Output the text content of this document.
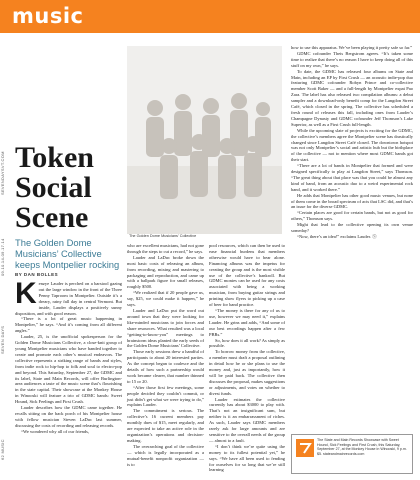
music
SEVENDAYSVT.COM
09.10.14-09.17.14
SEVEN DAYS
62 MUSIC
Token
Social
Scene
The Golden Dome Musicians’ Collective keeps Montpelier rocking
BY DAN BOLLES
The Golden Dome Musicians’ Collective
K enzye Lauder is perched on a barstool gazing out the large window in the front of the Three Penny Taproom in Montpelier. Outside it’s a dreary, rainy fall day in central Vermont. But inside, Lauder displays a positively sunny disposition, and with good reason.

“There is a lot of great music happening in Montpelier,” he says. “And it’s coming from all different angles.”

Lauder, 25, is the unofficial spokesperson for the Golden Dome Musicians Collective, a close-knit group of young Montpelier musicians who have banded together to create and promote each other’s musical endeavors. The collective represents a striking range of bands and styles, from indie rock to hip-hop to folk and soul to electro-pop and beyond. This Saturday, September 27, the GDMC and its label, State and Main Records, will offer Burlington-area audiences a taste of the music scene that’s flourishing in the state capital. Their showcase at the Monkey House in Winooski will feature a trio of GDMC bands: Sweet Hound, Sick Feelings and First Crush.

Lauder describes how the GDMC came together. He recalls sitting on the back porch of his Montpelier house with fellow musician Steven LaDuc last summer, discussing the costs of recording and releasing records.

“We wondered why all of our friends,

who are excellent musicians, had not gone through the steps to cut a record,” he says.

Lauder and LaDuc broke down the most basic costs of releasing an album, from recording, mixing and mastering to packaging and reproduction, and came up with a ballpark figure for small releases, roughly $500.

“We realized that if 20 people gave us, say, $25, we could make it happen,” he says.

Lauder and LaDuc put the word out around town that they were looking for like-minded musicians to join forces and share resources. What resulted was a local “getting-to-know-you” meetings to brainstorm ideas planted the early seeds of the Golden Dome Musicians’ Collective.

Those early sessions drew a handful of participants to about 20 interested parties. As the concept began to coalesce and the details of how such a partnership would work became clearer, that number thinned to 15 or 20.

“After those first few meetings, some people decided they couldn’t commit, or just didn’t get what we were trying to do,” explains Lauder.

The commitment is serious. The collective’s 16 current members pay monthly dues of $15, meet regularly, and are expected to take an active role in the organization’s operations and decision-making.

The overarching goal of the collective — which is legally incorporated as a mutual-benefit nonprofit organization — is to

pool resources, which can then be used to ease financial burdens that members otherwise would have to bear alone. Financing albums was the impetus for creating the group and is the most visible use of the collective’s bankroll. But GDMC monies can be used for any costs associated with being a working musician, from buying guitar strings and printing show flyers to picking up a case of beer for band practice.

“The money is there for any of us to use, however we may need it,” explains Lauder. He grins and adds, “And some of our best recordings happen after a few PBRs.”

So, how does it all work? As simply as possible.

To borrow money from the collective, a member must draft a proposal outlining in detail how he or she plans to use the money and, just as importantly, how it will be paid back. The collective then discusses the proposal, makes suggestions or adjustments, and votes on whether to divest funds.

Lauder estimates the collective currently has about $3000 to play with. That’s not an insignificant sum, but neither is it an embarrassment of riches. As such, Lauder says GDMC members rarely ask for large amounts and are sensitive to the overall needs of the group — almost to a fault.

“I don’t think we’re quite using the money to its fullest potential yet,” he says. “We have all been used to fending for ourselves for so long that we’re still learning

how to use this apparatus. We’ve been playing it pretty safe so far.”

GDMC cofounder Theis Bergstrom agrees. “It’s taken some time to realize that there’s no reason I have to keep doing all of this stuff on my own,” he says.

To date, the GDMC has released four albums on State and Main, including an EP by First Crush — an acoustic indie-pop duo featuring GDMC cofounder Robyn Prince and co-collective member Scott Baker — and a full-length by Montpelier expat Pao Zara. The label has also released two compilation albums: a debut sampler and a download-only benefit comp for the Langdon Street Café, which closed in the spring. The collective has scheduled a fresh round of releases this fall, including ones from Lauder’s Champagne Dynasty and GDMC cofounder Jeff Thomson’s Lake Superior, as well as a First Crush full-length.

While the upcoming slate of projects is exciting for the GDMC, the collective’s members agree the Montpelier scene has drastically changed since Langdon Street Café closed. The downtown hotspot was not only Montpelier’s social and artistic hub but the birthplace of the collective — not to mention where most GDMC bands got their start.

“There are a lot of bands in Montpelier that formed and were designed specifically to play at Langdon Street,” says Thomson. “The great thing about that place was that you could be almost any kind of band, from an acoustic duo to a weird experimental rock band, and it worked there.”

He adds that Montpelier has other good music venues, but none of them come in the broad spectrum of acts that LSC did, and that’s an issue for the diverse GDMC.

“Certain places are good for certain bands, but not as good for others,” Thomson says.

Might that lead to the collective opening its own venue someday?

“Now, there’s an idea!” exclaims Lauder. Ⓢ

The State and Main Records Showcase with Sweet Hound, Sick Feelings and First Crush, this Saturday, September 27, at the Monkey House in Winooski, 9 p.m. $5. stateandmainrecords.com
